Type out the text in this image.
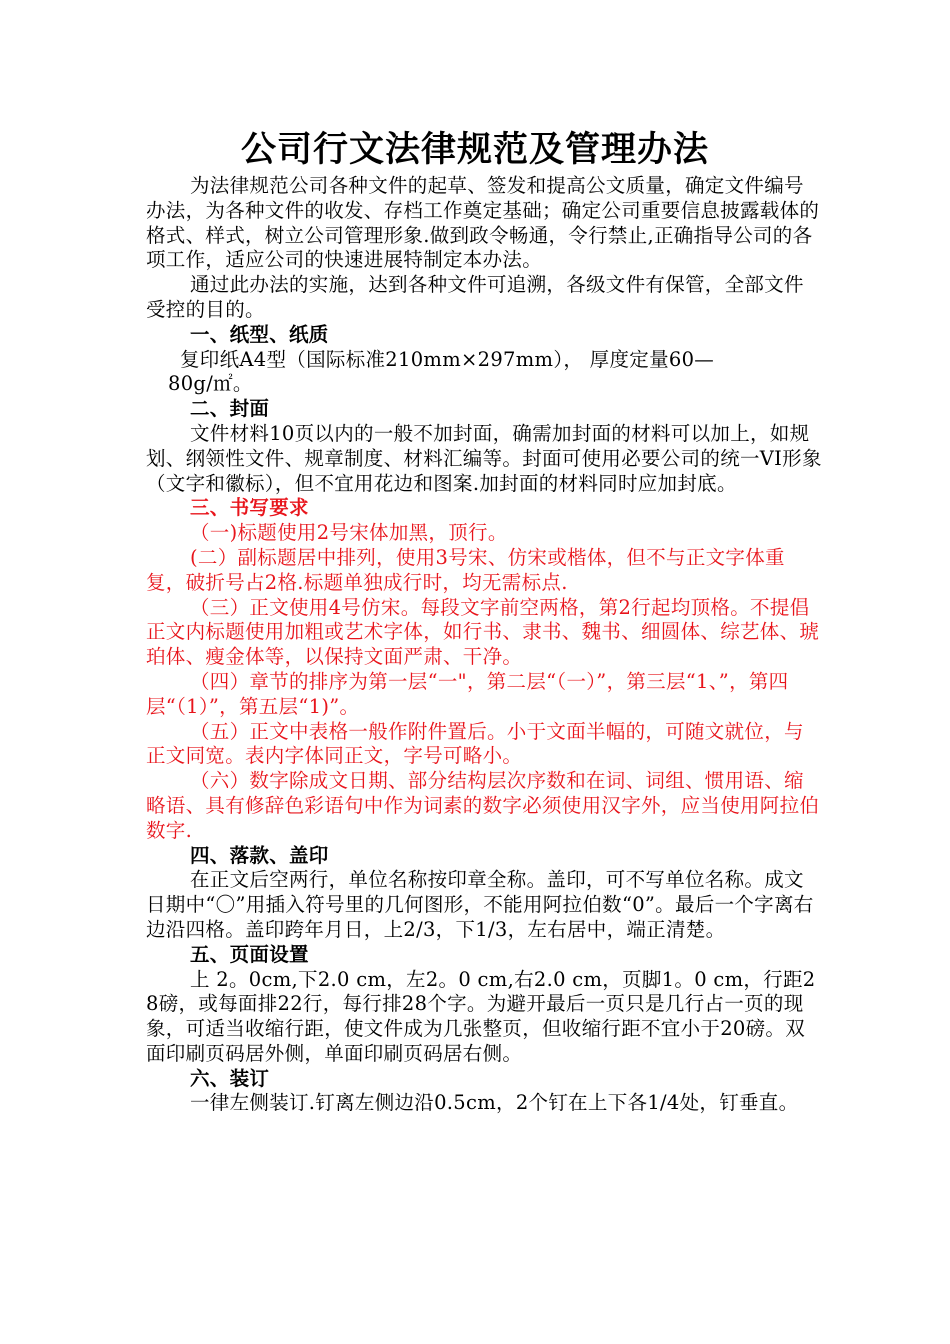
公司行文法律规范及管理办法

为法律规范公司各种文件的起草、签发和提高公文质量，确定文件编号办法，为各种文件的收发、存档工作奠定基础；确定公司重要信息披露载体的格式、样式，树立公司管理形象.做到政令畅通，令行禁止,正确指导公司的各项工作，适应公司的快速进展特制定本办法。

通过此办法的实施，达到各种文件可追溯，各级文件有保管，全部文件受控的目的。

一、纸型、纸质

复印纸A4型（国际标准210mm×297mm）， 厚度定量60—

80g/㎡。

二、封面

文件材料10页以内的一般不加封面，确需加封面的材料可以加上，如规划、纲领性文件、规章制度、材料汇编等。封面可使用必要公司的统一VI形象（文字和徽标），但不宜用花边和图案.加封面的材料同时应加封底。

三、书写要求

（一)标题使用2号宋体加黑，顶行。

(二）副标题居中排列，使用3号宋、仿宋或楷体，但不与正文字体重复，破折号占2格.标题单独成行时，均无需标点.

（三）正文使用4号仿宋。每段文字前空两格，第2行起均顶格。不提倡正文内标题使用加粗或艺术字体，如行书、隶书、魏书、细圆体、综艺体、琥珀体、瘦金体等，以保持文面严肃、干净。

（四）章节的排序为第一层“一"，第二层“（一）”，第三层“1、”，第四层“（1）”，第五层“1)”。

（五）正文中表格一般作附件置后。小于文面半幅的，可随文就位，与正文同宽。表内字体同正文，字号可略小。

（六）数字除成文日期、部分结构层次序数和在词、词组、惯用语、缩略语、具有修辞色彩语句中作为词素的数字必须使用汉字外，应当使用阿拉伯数字.

四、落款、盖印

在正文后空两行，单位名称按印章全称。盖印，可不写单位名称。成文日期中“〇”用插入符号里的几何图形，不能用阿拉伯数“0”。最后一个字离右边沿四格。盖印跨年月日，上2/3，下1/3，左右居中，端正清楚。

五、页面设置

上 2。0cm,下2.0 cm，左2。0 cm,右2.0 cm，页脚1。0 cm，行距28磅，或每面排22行，每行排28个字。为避开最后一页只是几行占一页的现象，可适当收缩行距，使文件成为几张整页，但收缩行距不宜小于20磅。双面印刷页码居外侧，单面印刷页码居右侧。

六、装订

一律左侧装订.钉离左侧边沿0.5cm，2个钉在上下各1/4处，钉垂直。
